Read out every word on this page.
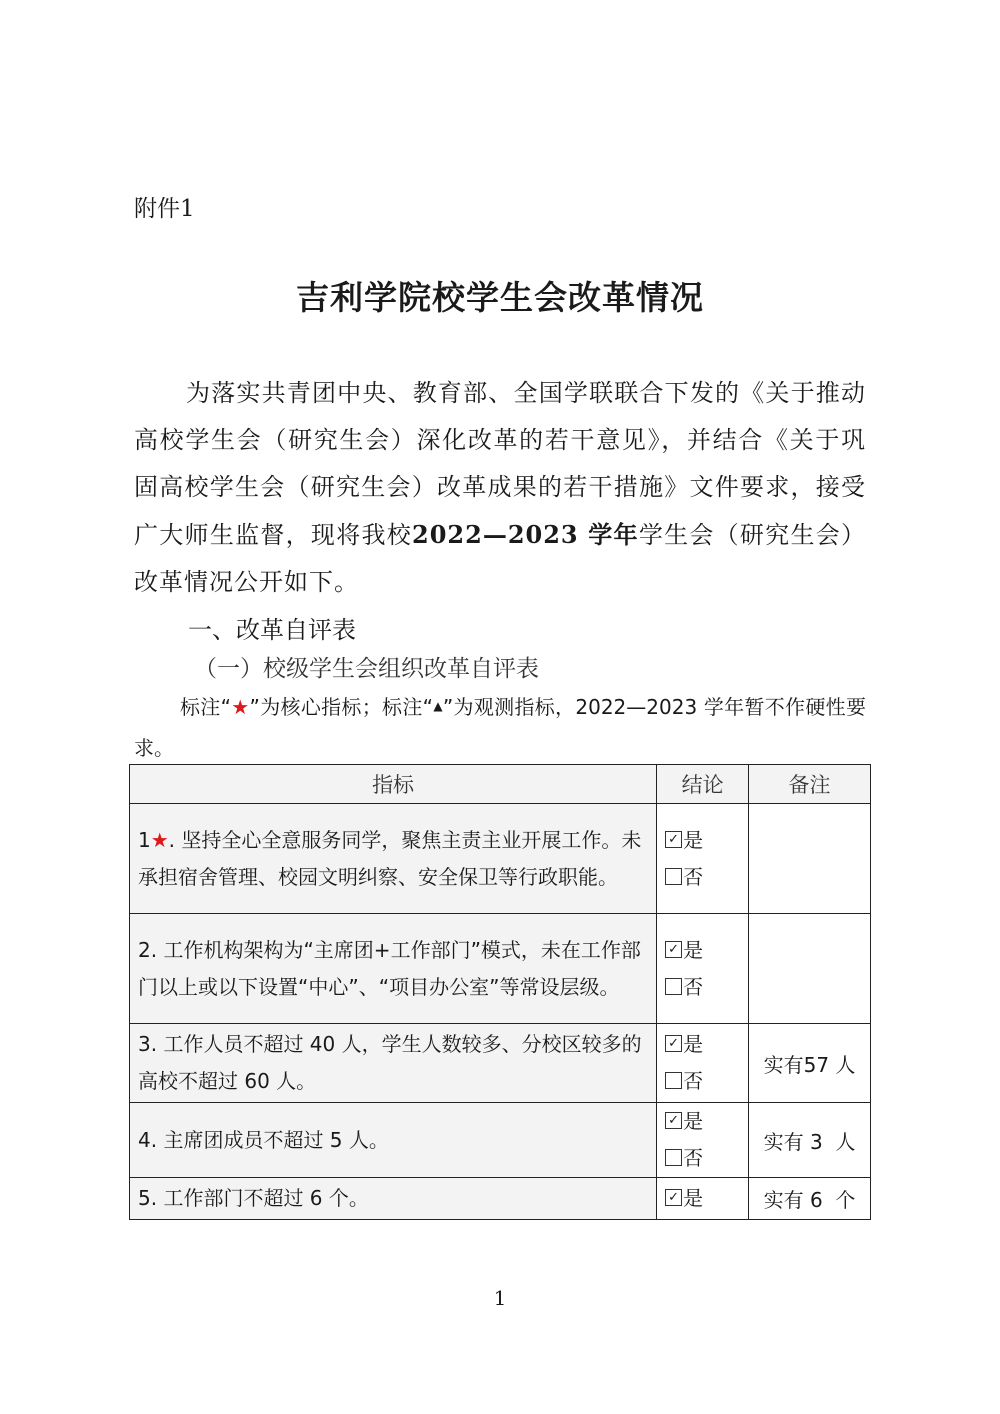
附件1
吉利学院校学生会改革情况

为落实共青团中央、教育部、全国学联联合下发的《关于推动高校学生会（研究生会）深化改革的若干意见》，并结合《关于巩固高校学生会（研究生会）改革成果的若干措施》文件要求，接受广大师生监督，现将我校2022—2023 学年学生会（研究生会）改革情况公开如下。

一、改革自评表
（一）校级学生会组织改革自评表

标注“★”为核心指标；标注“▲”为观测指标，2022—2023 学年暂不作硬性要求。

指标	结论	备注
1★. 坚持全心全意服务同学，聚焦主责主业开展工作。未承担宿舍管理、校园文明纠察、安全保卫等行政职能。	✓ 是
否	

2. 工作机构架构为“主席团+工作部门”模式，未在工作部门以上或以下设置“中心”、“项目办公室”等常设层级。	✓ 是
否	

3. 工作人员不超过 40 人，学生人数较多、分校区较多的高校不超过 60 人。	✓ 是
否	实有57 人
4. 主席团成员不超过 5 人。	✓ 是
否	实有 3  人
5. 工作部门不超过 6 个。	✓ 是	实有 6  个
1
